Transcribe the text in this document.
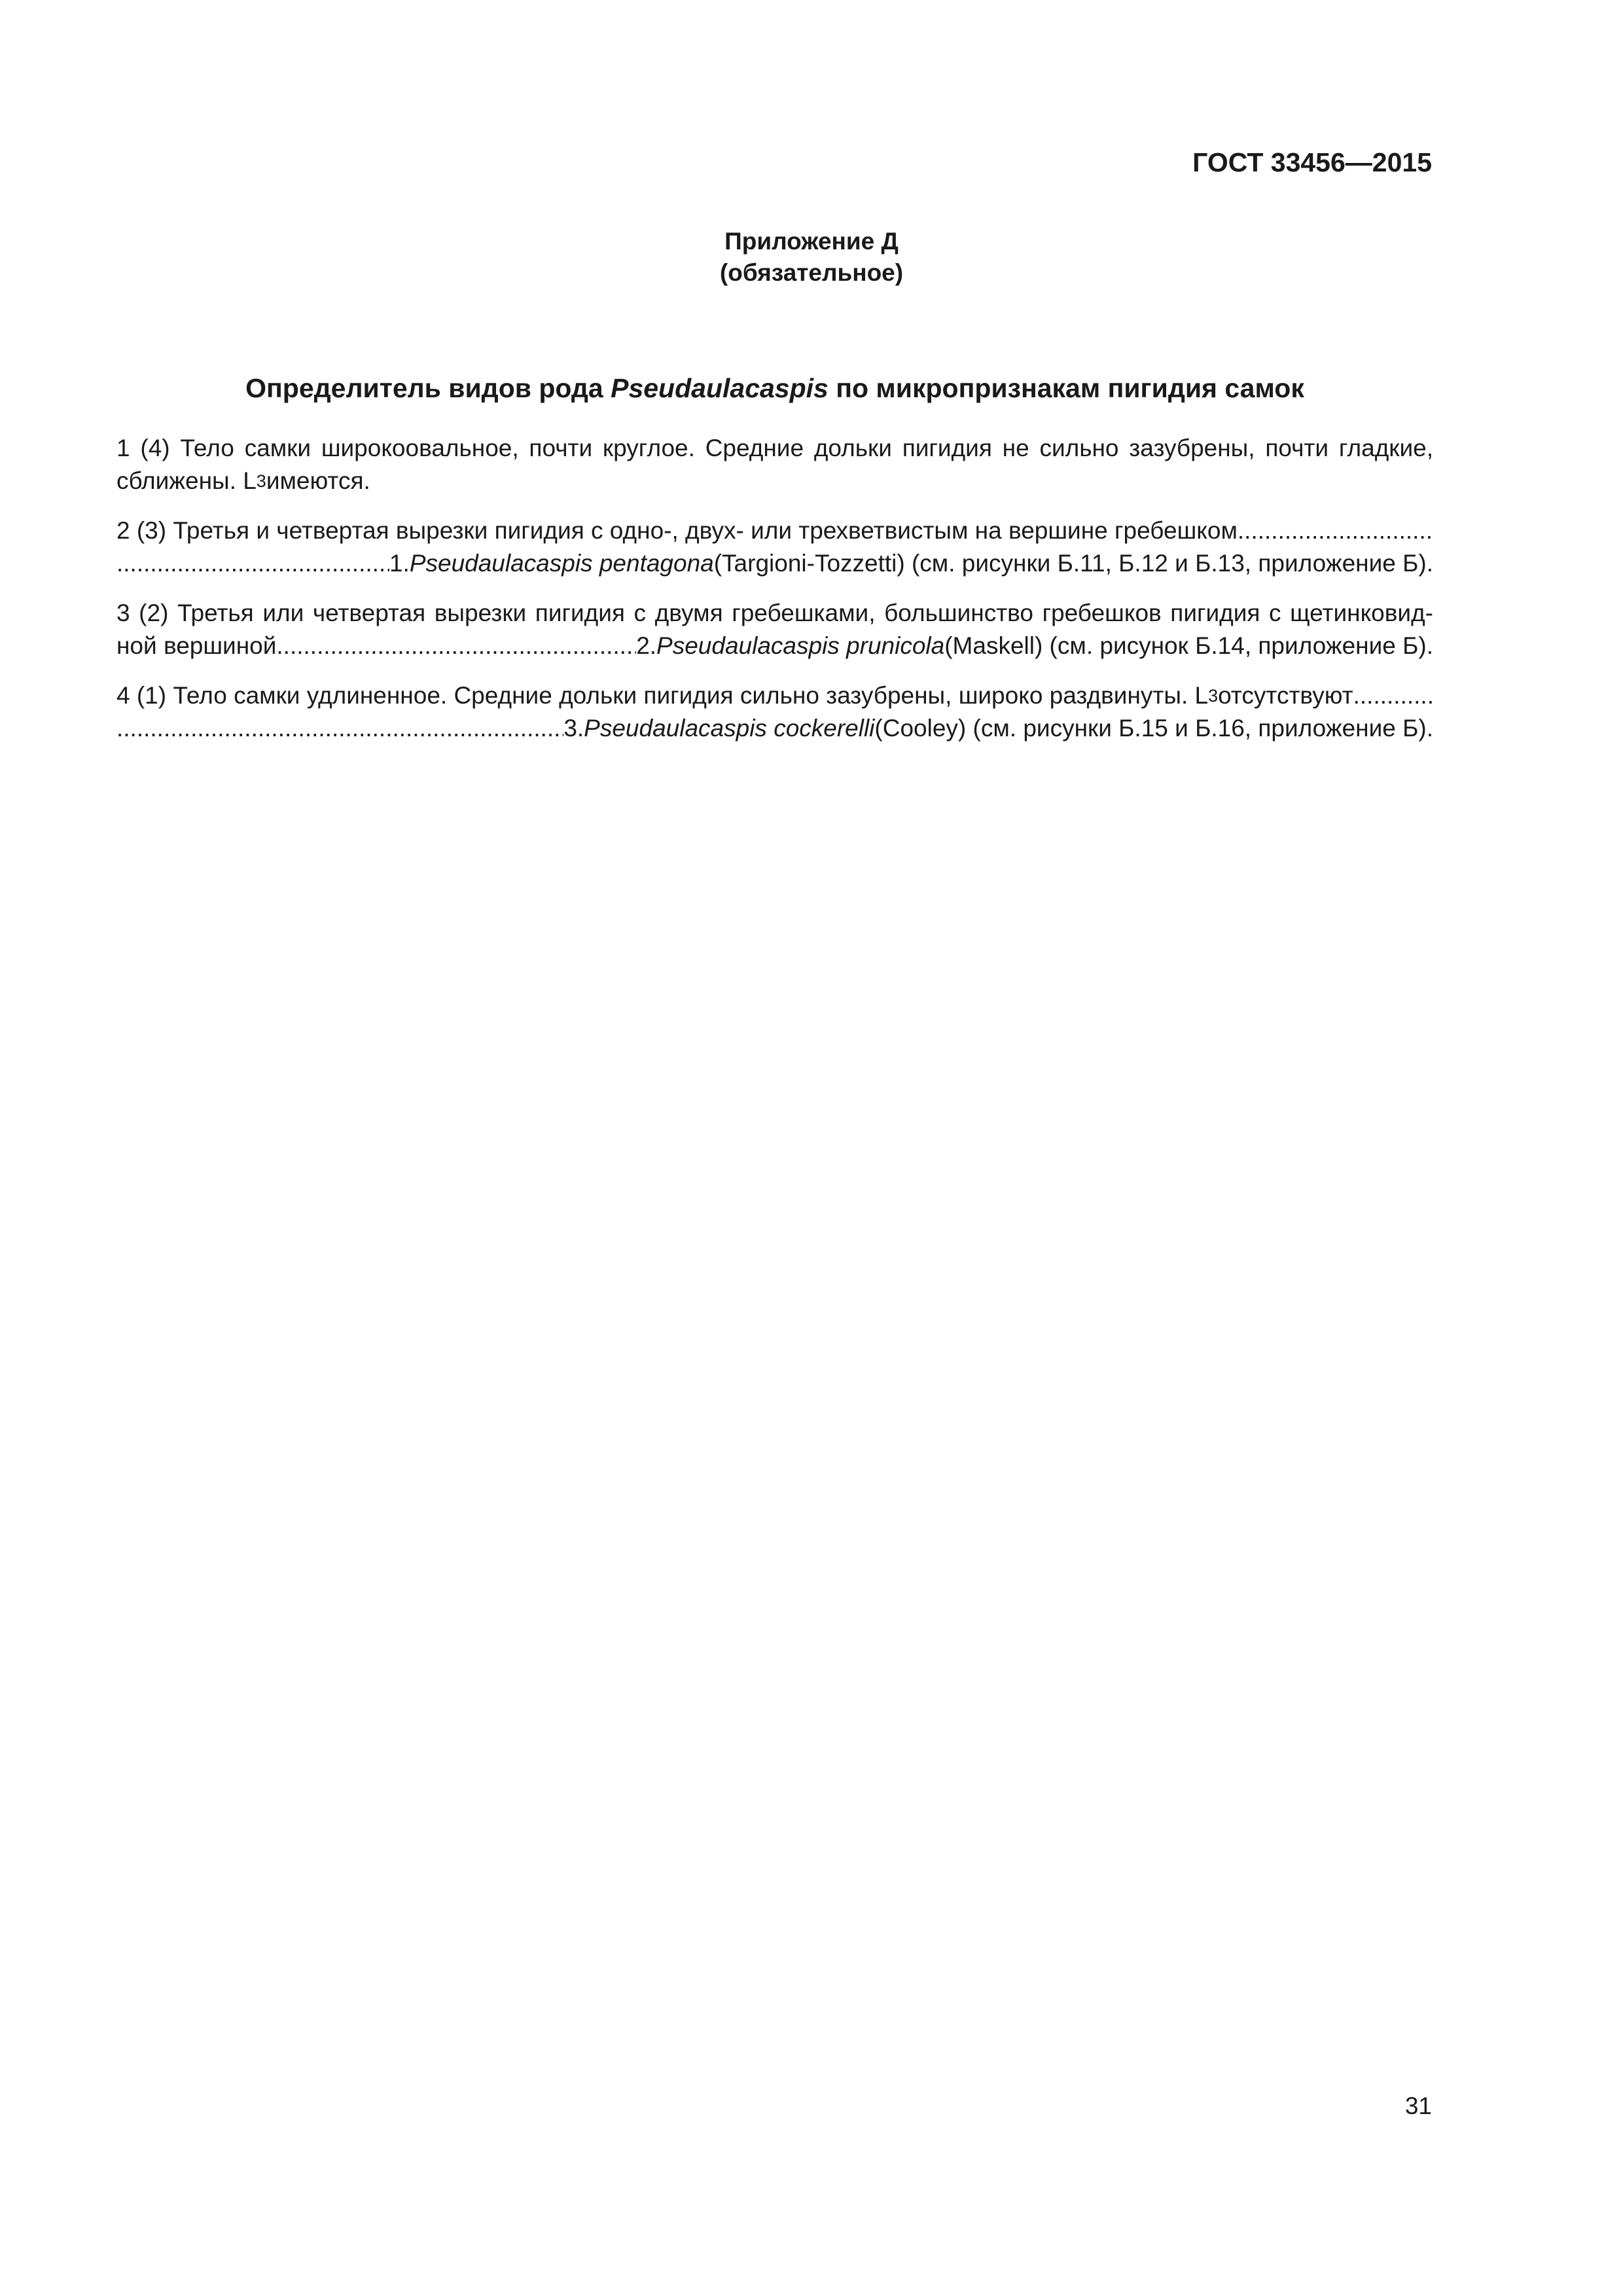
ГОСТ 33456—2015
Приложение Д
(обязательное)
Определитель видов рода Pseudaulacaspis по микропризнакам пигидия самок
1 (4) Тело самки широкоовальное, почти круглое. Средние дольки пигидия не сильно зазубрены, почти гладкие,
сближены. L 3 имеются.
2 (3) Третья и четвертая вырезки пигидия с одно-, двух- или трехветвистым на вершине гребешком
.....
.....
1. Pseudaulacaspis pentagona (Targioni-Tozzetti) (см. рисунки Б.11, Б.12 и Б.13, приложение Б).
3 (2) Третья или четвертая вырезки пигидия с двумя гребешками, большинство гребешков пигидия с щетинковид-
ной вершиной
.....	2. Pseudaulacaspis prunicola (Maskell) (см. рисунок Б.14, приложение Б).
4 (1) Тело самки удлиненное. Средние дольки пигидия сильно зазубрены, широко раздвинуты. L 3 отсутствуют
.....
.....
3. Pseudaulacaspis cockerelli (Cooley) (см. рисунки Б.15 и Б.16, приложение Б).
31
